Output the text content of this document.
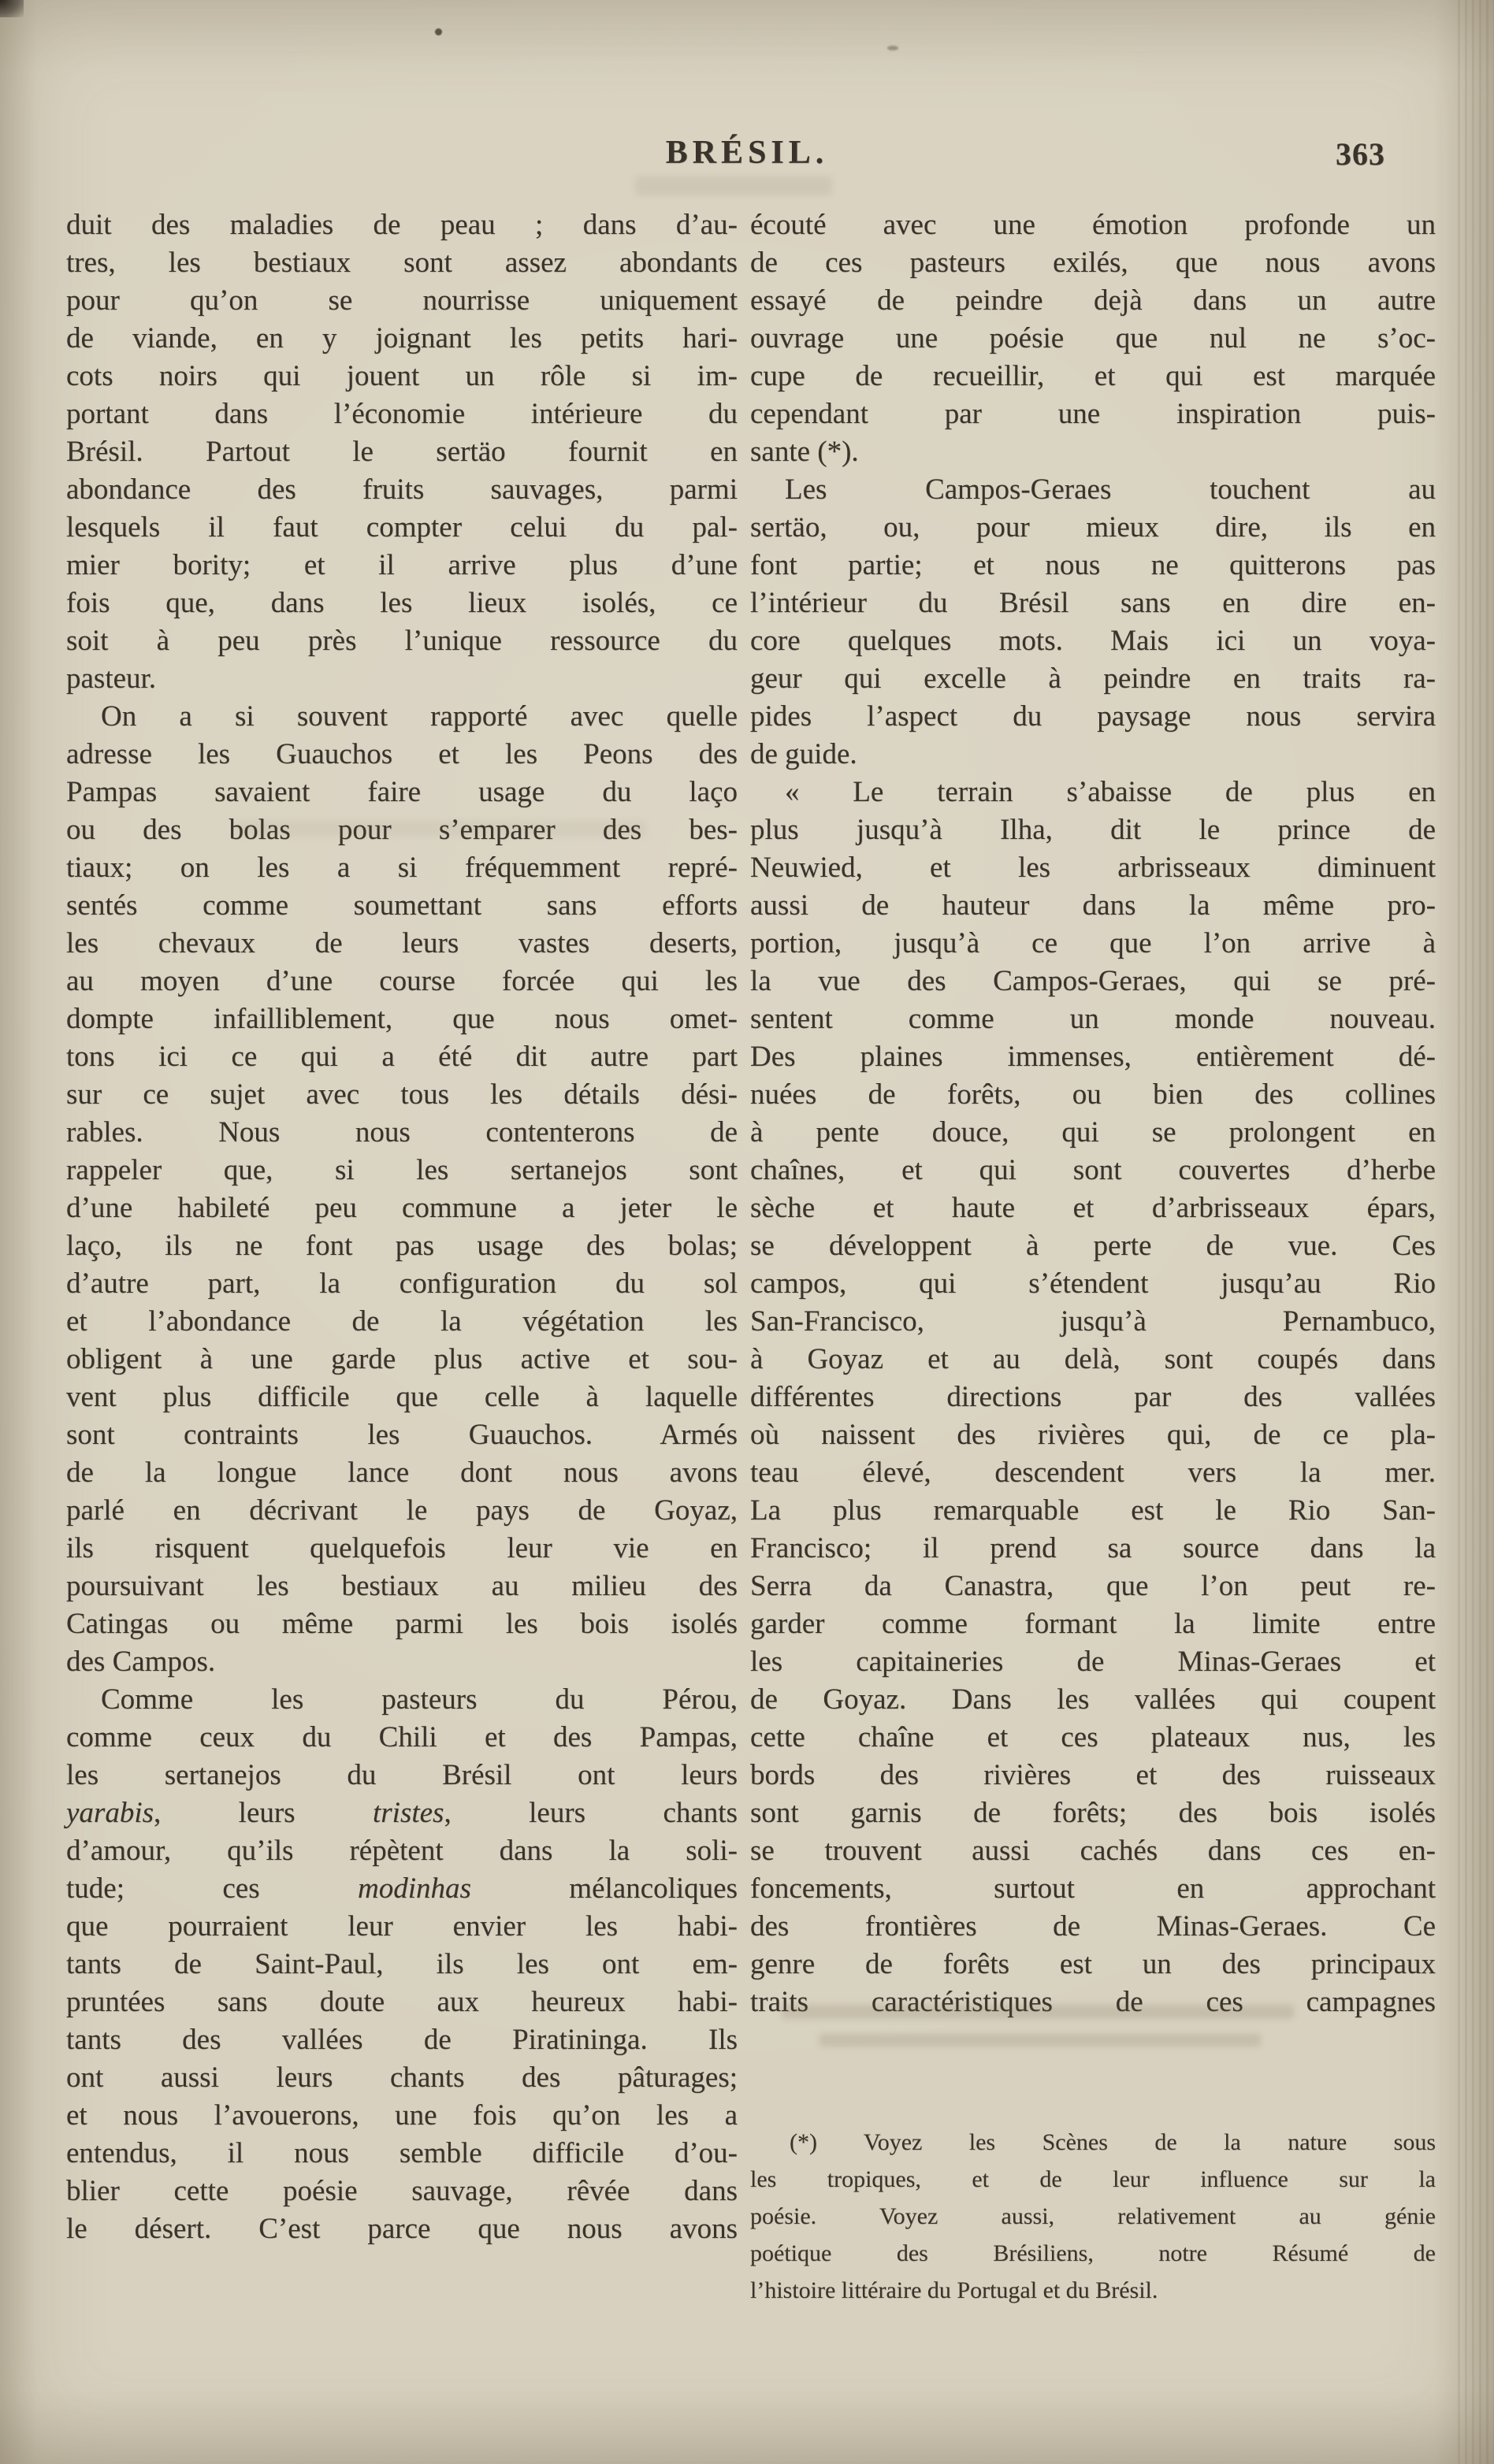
BRÉSIL.	363
duit des maladies de peau ; dans d’au-
tres, les bestiaux sont assez abondants
pour qu’on se nourrisse uniquement
de viande, en y joignant les petits hari-
cots noirs qui jouent un rôle si im-
portant dans l’économie intérieure du
Brésil. Partout le sertäo fournit en
abondance des fruits sauvages, parmi
lesquels il faut compter celui du pal-
mier bority; et il arrive plus d’une
fois que, dans les lieux isolés, ce
soit à peu près l’unique ressource du
pasteur.
On a si souvent rapporté avec quelle
adresse les Guauchos et les Peons des
Pampas savaient faire usage du laço
ou des bolas pour s’emparer des bes-
tiaux; on les a si fréquemment repré-
sentés comme soumettant sans efforts
les chevaux de leurs vastes deserts,
au moyen d’une course forcée qui les
dompte infailliblement, que nous omet-
tons ici ce qui a été dit autre part
sur ce sujet avec tous les détails dési-
rables. Nous nous contenterons de
rappeler que, si les sertanejos sont
d’une habileté peu commune a jeter le
laço, ils ne font pas usage des bolas;
d’autre part, la configuration du sol
et l’abondance de la végétation les
obligent à une garde plus active et sou-
vent plus difficile que celle à laquelle
sont contraints les Guauchos. Armés
de la longue lance dont nous avons
parlé en décrivant le pays de Goyaz,
ils risquent quelquefois leur vie en
poursuivant les bestiaux au milieu des
Catingas ou même parmi les bois isolés
des Campos.
Comme les pasteurs du Pérou,
comme ceux du Chili et des Pampas,
les sertanejos du Brésil ont leurs
yarabis, leurs tristes, leurs chants
d’amour, qu’ils répètent dans la soli-
tude; ces modinhas mélancoliques
que pourraient leur envier les habi-
tants de Saint-Paul, ils les ont em-
pruntées sans doute aux heureux habi-
tants des vallées de Piratininga. Ils
ont aussi leurs chants des pâturages;
et nous l’avouerons, une fois qu’on les a
entendus, il nous semble difficile d’ou-
blier cette poésie sauvage, rêvée dans
le désert. C’est parce que nous avons
écouté avec une émotion profonde un
de ces pasteurs exilés, que nous avons
essayé de peindre dejà dans un autre
ouvrage une poésie que nul ne s’oc-
cupe de recueillir, et qui est marquée
cependant par une inspiration puis-
sante (*).
Les Campos-Geraes touchent au
sertäo, ou, pour mieux dire, ils en
font partie; et nous ne quitterons pas
l’intérieur du Brésil sans en dire en-
core quelques mots. Mais ici un voya-
geur qui excelle à peindre en traits ra-
pides l’aspect du paysage nous servira
de guide.
« Le terrain s’abaisse de plus en
plus jusqu’à Ilha, dit le prince de
Neuwied, et les arbrisseaux diminuent
aussi de hauteur dans la même pro-
portion, jusqu’à ce que l’on arrive à
la vue des Campos-Geraes, qui se pré-
sentent comme un monde nouveau.
Des plaines immenses, entièrement dé-
nuées de forêts, ou bien des collines
à pente douce, qui se prolongent en
chaînes, et qui sont couvertes d’herbe
sèche et haute et d’arbrisseaux épars,
se développent à perte de vue. Ces
campos, qui s’étendent jusqu’au Rio
San-Francisco, jusqu’à Pernambuco,
à Goyaz et au delà, sont coupés dans
différentes directions par des vallées
où naissent des rivières qui, de ce pla-
teau élevé, descendent vers la mer.
La plus remarquable est le Rio San-
Francisco; il prend sa source dans la
Serra da Canastra, que l’on peut re-
garder comme formant la limite entre
les capitaineries de Minas-Geraes et
de Goyaz. Dans les vallées qui coupent
cette chaîne et ces plateaux nus, les
bords des rivières et des ruisseaux
sont garnis de forêts; des bois isolés
se trouvent aussi cachés dans ces en-
foncements, surtout en approchant
des frontières de Minas-Geraes. Ce
genre de forêts est un des principaux
traits caractéristiques de ces campagnes
(*) Voyez les Scènes de la nature sous
les tropiques, et de leur influence sur la
poésie. Voyez aussi, relativement au génie
poétique des Brésiliens, notre Résumé de
l’histoire littéraire du Portugal et du Brésil.
